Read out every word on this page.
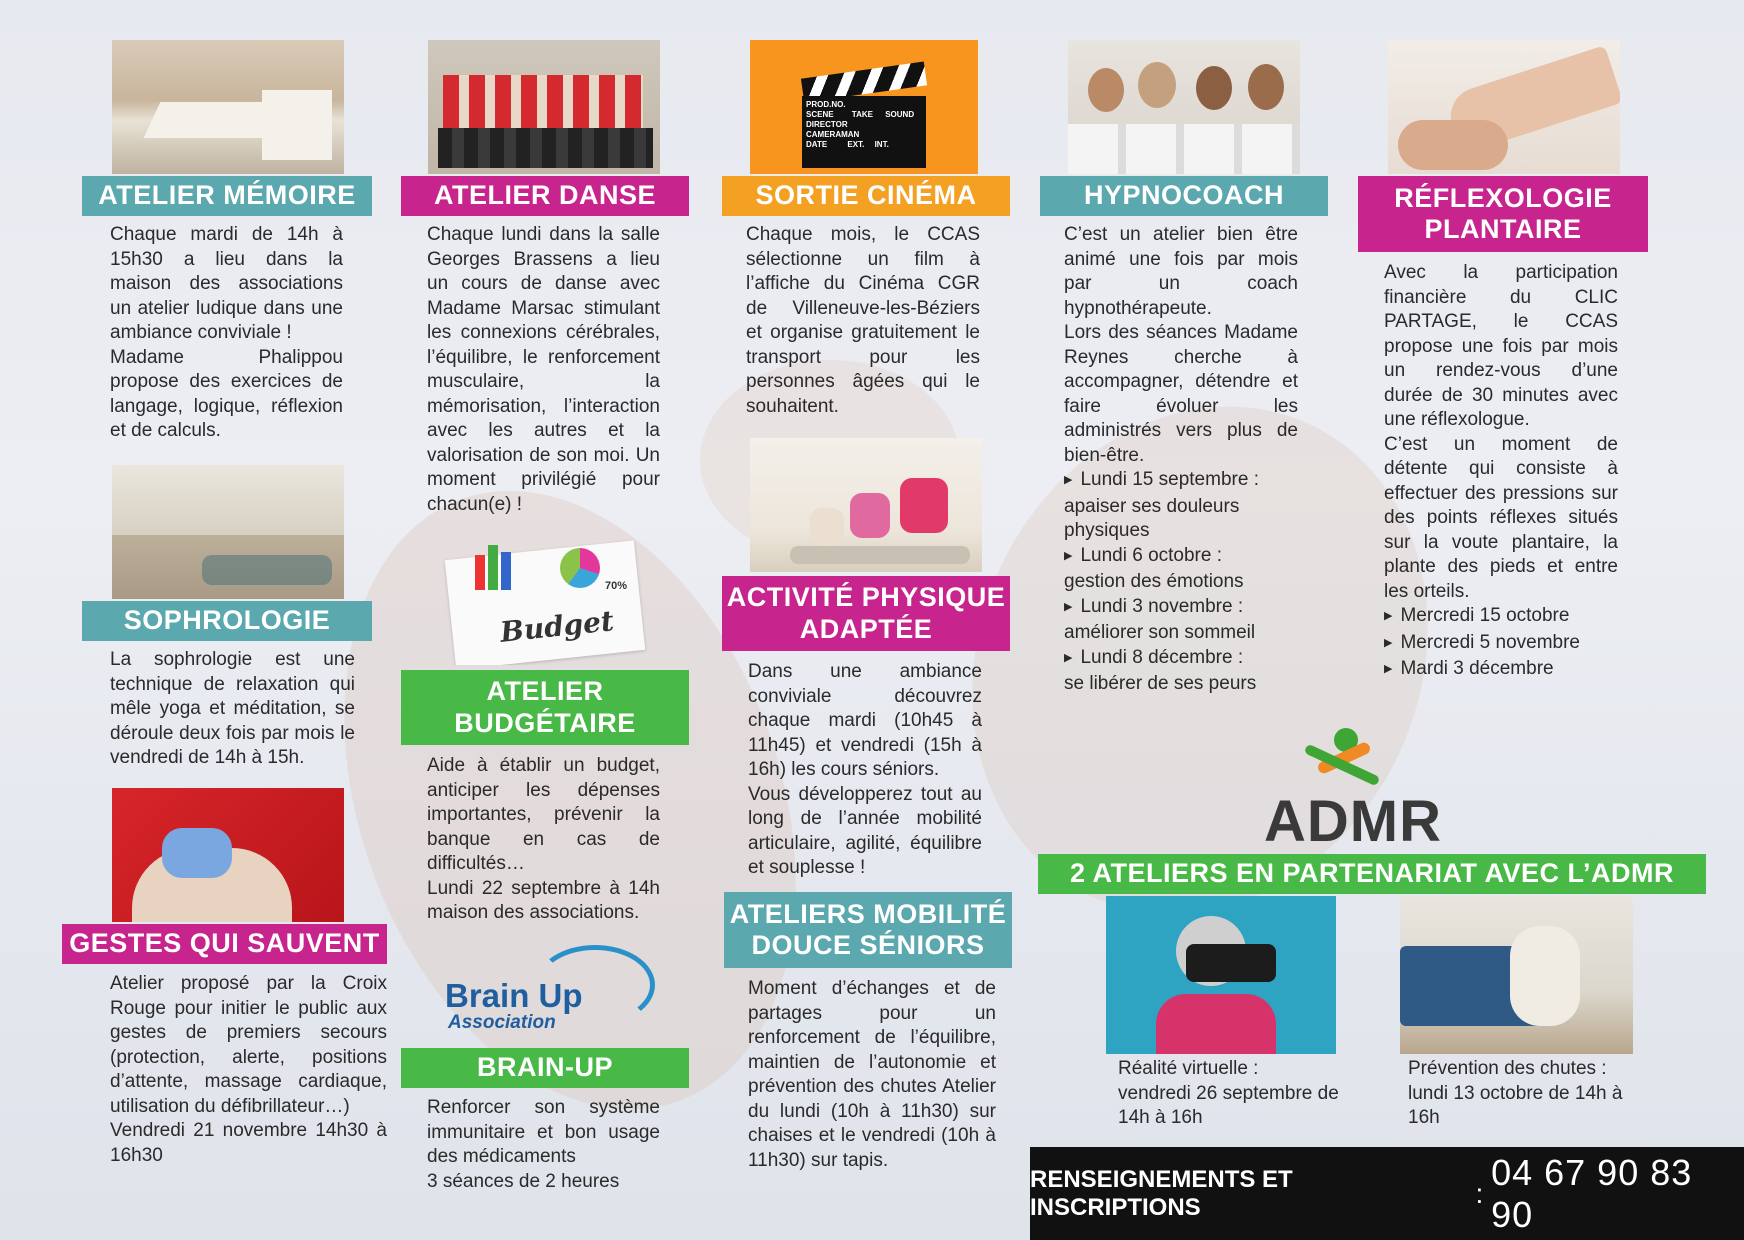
ATELIER MÉMOIRE

Chaque mardi de 14h à 15h30 a lieu dans la maison des associations un atelier ludique dans une ambiance conviviale !

Madame Phalippou propose des exercices de langage, logique, réflexion et de calculs.

SOPHROLOGIE

La sophrologie est une technique de relaxation qui mêle yoga et méditation, se déroule deux fois par mois le vendredi de 14h à 15h.

GESTES QUI SAUVENT

Atelier proposé par la Croix Rouge pour initier le public aux gestes de premiers secours (protection, alerte, positions d’attente, massage cardiaque, utilisation du défibrillateur…)

Vendredi 21 novembre 14h30 à 16h30

ATELIER DANSE

Chaque lundi dans la salle Georges Brassens a lieu un cours de danse avec Madame Marsac stimulant les connexions cérébrales, l’équilibre, le renforcement musculaire, la mémorisation, l’interaction avec les autres et la valorisation de son moi. Un moment privilégié pour chacun(e) !

70%
Budget
ATELIER
BUDGÉTAIRE

Aide à établir un budget, anticiper les dépenses importantes, prévenir la banque en cas de difficultés…

Lundi 22 septembre à 14h maison des associations.

Brain Up
Association
BRAIN-UP

Renforcer son système immunitaire et bon usage des médicaments

3 séances de 2 heures

PROD.NO.
SCENE TAKE SOUND
DIRECTOR
CAMERAMAN
DATE	EXT. INT.
SORTIE CINÉMA

Chaque mois, le CCAS sélectionne un film à l’affiche du Cinéma CGR de Villeneuve-les-Béziers et organise gratuitement le transport pour les personnes âgées qui le souhaitent.

ACTIVITÉ PHYSIQUE
ADAPTÉE

Dans une ambiance conviviale découvrez chaque mardi (10h45 à 11h45) et vendredi (15h à 16h) les cours séniors.

Vous développerez tout au long de l’année mobilité articulaire, agilité, équilibre et souplesse !

ATELIERS MOBILITÉ
DOUCE SÉNIORS

Moment d’échanges et de partages pour un renforcement de l’équilibre, maintien de l’autonomie et prévention des chutes Atelier du lundi (10h à 11h30) sur chaises et le vendredi (10h à 11h30) sur tapis.

HYPNOCOACH

C’est un atelier bien être animé une fois par mois par un coach hypnothérapeute.

Lors des séances Madame Reynes cherche à accompagner, détendre et faire évoluer les administrés vers plus de bien-être.

▶ Lundi 15 septembre :
apaiser ses douleurs physiques
▶ Lundi 6 octobre :
gestion des émotions
▶ Lundi 3 novembre :
améliorer son sommeil
▶ Lundi 8 décembre :
se libérer de ses peurs
RÉFLEXOLOGIE
PLANTAIRE

Avec la participation financière du CLIC PARTAGE, le CCAS propose une fois par mois un rendez-vous d’une durée de 30 minutes avec une réflexologue.

C’est un moment de détente qui consiste à effectuer des pressions sur des points réflexes situés sur la voute plantaire, la plante des pieds et entre les orteils.

▶ Mercredi 15 octobre
▶ Mercredi 5 novembre
▶ Mardi 3 décembre
ADMR
2 ATELIERS EN PARTENARIAT AVEC L’ADMR
Réalité virtuelle :
vendredi 26 septembre de 14h à 16h
Prévention des chutes :
lundi 13 octobre de 14h à 16h
RENSEIGNEMENTS ET INSCRIPTIONS	:
04 67 90 83 90
